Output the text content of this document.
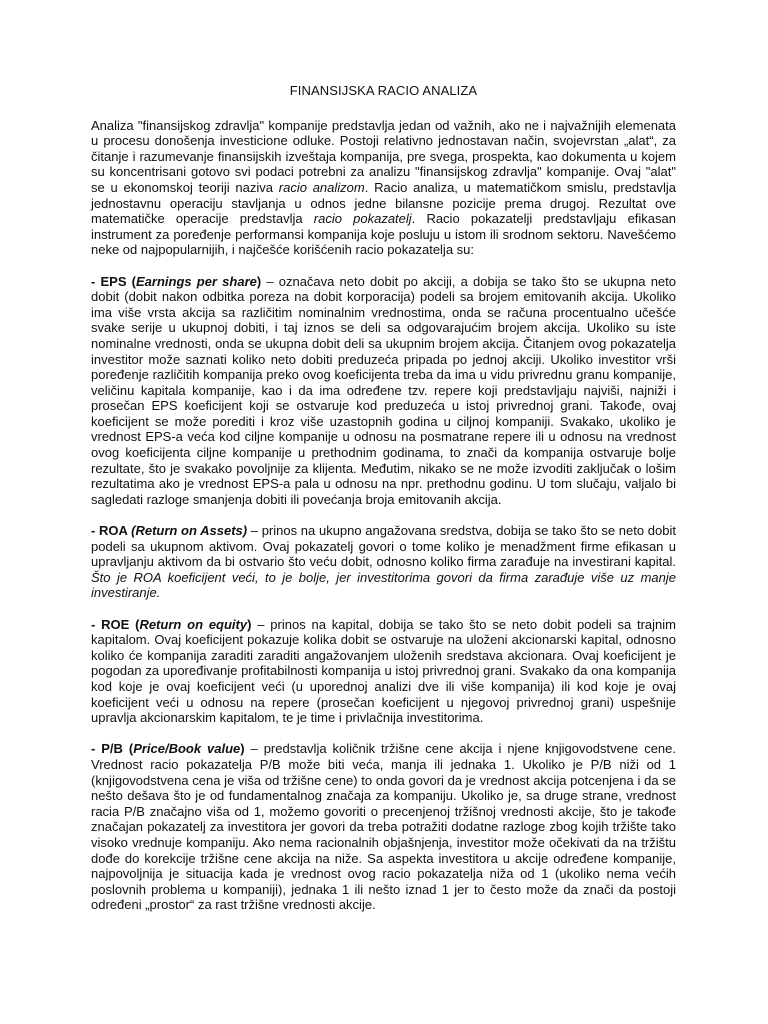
FINANSIJSKA RACIO ANALIZA

Analiza "finansijskog zdravlja" kompanije predstavlja jedan od važnih, ako ne i najvažnijih elemenata u procesu donošenja investicione odluke. Postoji relativno jednostavan način, svojevrstan „alat“, za čitanje i razumevanje finansijskih izveštaja kompanija, pre svega, prospekta, kao dokumenta u kojem su koncentrisani gotovo svi podaci potrebni za analizu "finansijskog zdravlja" kompanije. Ovaj "alat" se u ekonomskoj teoriji naziva racio analizom. Racio analiza, u matematičkom smislu, predstavlja jednostavnu operaciju stavljanja u odnos jedne bilansne pozicije prema drugoj. Rezultat ove matematičke operacije predstavlja racio pokazatelj. Racio pokazatelji predstavljaju efikasan instrument za poređenje performansi kompanija koje posluju u istom ili srodnom sektoru. Navešćemo neke od najpopularnijih, i najčešće korišćenih racio pokazatelja su:

- EPS (Earnings per share) – označava neto dobit po akciji, a dobija se tako što se ukupna neto dobit (dobit nakon odbitka poreza na dobit korporacija) podeli sa brojem emitovanih akcija. Ukoliko ima više vrsta akcija sa različitim nominalnim vrednostima, onda se računa procentualno učešće svake serije u ukupnoj dobiti, i taj iznos se deli sa odgovarajućim brojem akcija. Ukoliko su iste nominalne vrednosti, onda se ukupna dobit deli sa ukupnim brojem akcija. Čitanjem ovog pokazatelja investitor može saznati koliko neto dobiti preduzeća pripada po jednoj akciji. Ukoliko investitor vrši poređenje različitih kompanija preko ovog koeficijenta treba da ima u vidu privrednu granu kompanije, veličinu kapitala kompanije, kao i da ima određene tzv. repere koji predstavljaju najviši, najniži i prosečan EPS koeficijent koji se ostvaruje kod preduzeća u istoj privrednoj grani. Takođe, ovaj koeficijent se može porediti i kroz više uzastopnih godina u ciljnoj kompaniji. Svakako, ukoliko je vrednost EPS-a veća kod ciljne kompanije u odnosu na posmatrane repere ili u odnosu na vrednost ovog koeficijenta ciljne kompanije u prethodnim godinama, to znači da kompanija ostvaruje bolje rezultate, što je svakako povoljnije za klijenta. Međutim, nikako se ne može izvoditi zaključak o lošim rezultatima ako je vrednost EPS-a pala u odnosu na npr. prethodnu godinu. U tom slučaju, valjalo bi sagledati razloge smanjenja dobiti ili povećanja broja emitovanih akcija.

- ROA (Return on Assets) – prinos na ukupno angažovana sredstva, dobija se tako što se neto dobit podeli sa ukupnom aktivom. Ovaj pokazatelj govori o tome koliko je menadžment firme efikasan u upravljanju aktivom da bi ostvario što veću dobit, odnosno koliko firma zarađuje na investirani kapital. Što je ROA koeficijent veći, to je bolje, jer investitorima govori da firma zarađuje više uz manje investiranje.

- ROE (Return on equity) – prinos na kapital, dobija se tako što se neto dobit podeli sa trajnim kapitalom. Ovaj koeficijent pokazuje kolika dobit se ostvaruje na uloženi akcionarski kapital, odnosno koliko će kompanija zaraditi zaraditi angažovanjem uloženih sredstava akcionara. Ovaj koeficijent je pogodan za upoređivanje profitabilnosti kompanija u istoj privrednoj grani. Svakako da ona kompanija kod koje je ovaj koeficijent veći (u uporednoj analizi dve ili više kompanija) ili kod koje je ovaj koeficijent veći u odnosu na repere (prosečan koeficijent u njegovoj privrednoj grani) uspešnije upravlja akcionarskim kapitalom, te je time i privlačnija investitorima.

- P/B (Price/Book value) – predstavlja količnik tržišne cene akcija i njene knjigovodstvene cene. Vrednost racio pokazatelja P/B može biti veća, manja ili jednaka 1. Ukoliko je P/B niži od 1 (knjigovodstvena cena je viša od tržišne cene) to onda govori da je vrednost akcija potcenjena i da se nešto dešava što je od fundamentalnog značaja za kompaniju. Ukoliko je, sa druge strane, vrednost racia P/B značajno viša od 1, možemo govoriti o precenjenoj tržišnoj vrednosti akcije, što je takođe značajan pokazatelj za investitora jer govori da treba potražiti dodatne razloge zbog kojih tržište tako visoko vrednuje kompaniju. Ako nema racionalnih objašnjenja, investitor može očekivati da na tržištu dođe do korekcije tržišne cene akcija na niže. Sa aspekta investitora u akcije određene kompanije, najpovoljnija je situacija kada je vrednost ovog racio pokazatelja niža od 1 (ukoliko nema većih poslovnih problema u kompaniji), jednaka 1 ili nešto iznad 1 jer to često može da znači da postoji određeni „prostor“ za rast tržišne vrednosti akcije.
